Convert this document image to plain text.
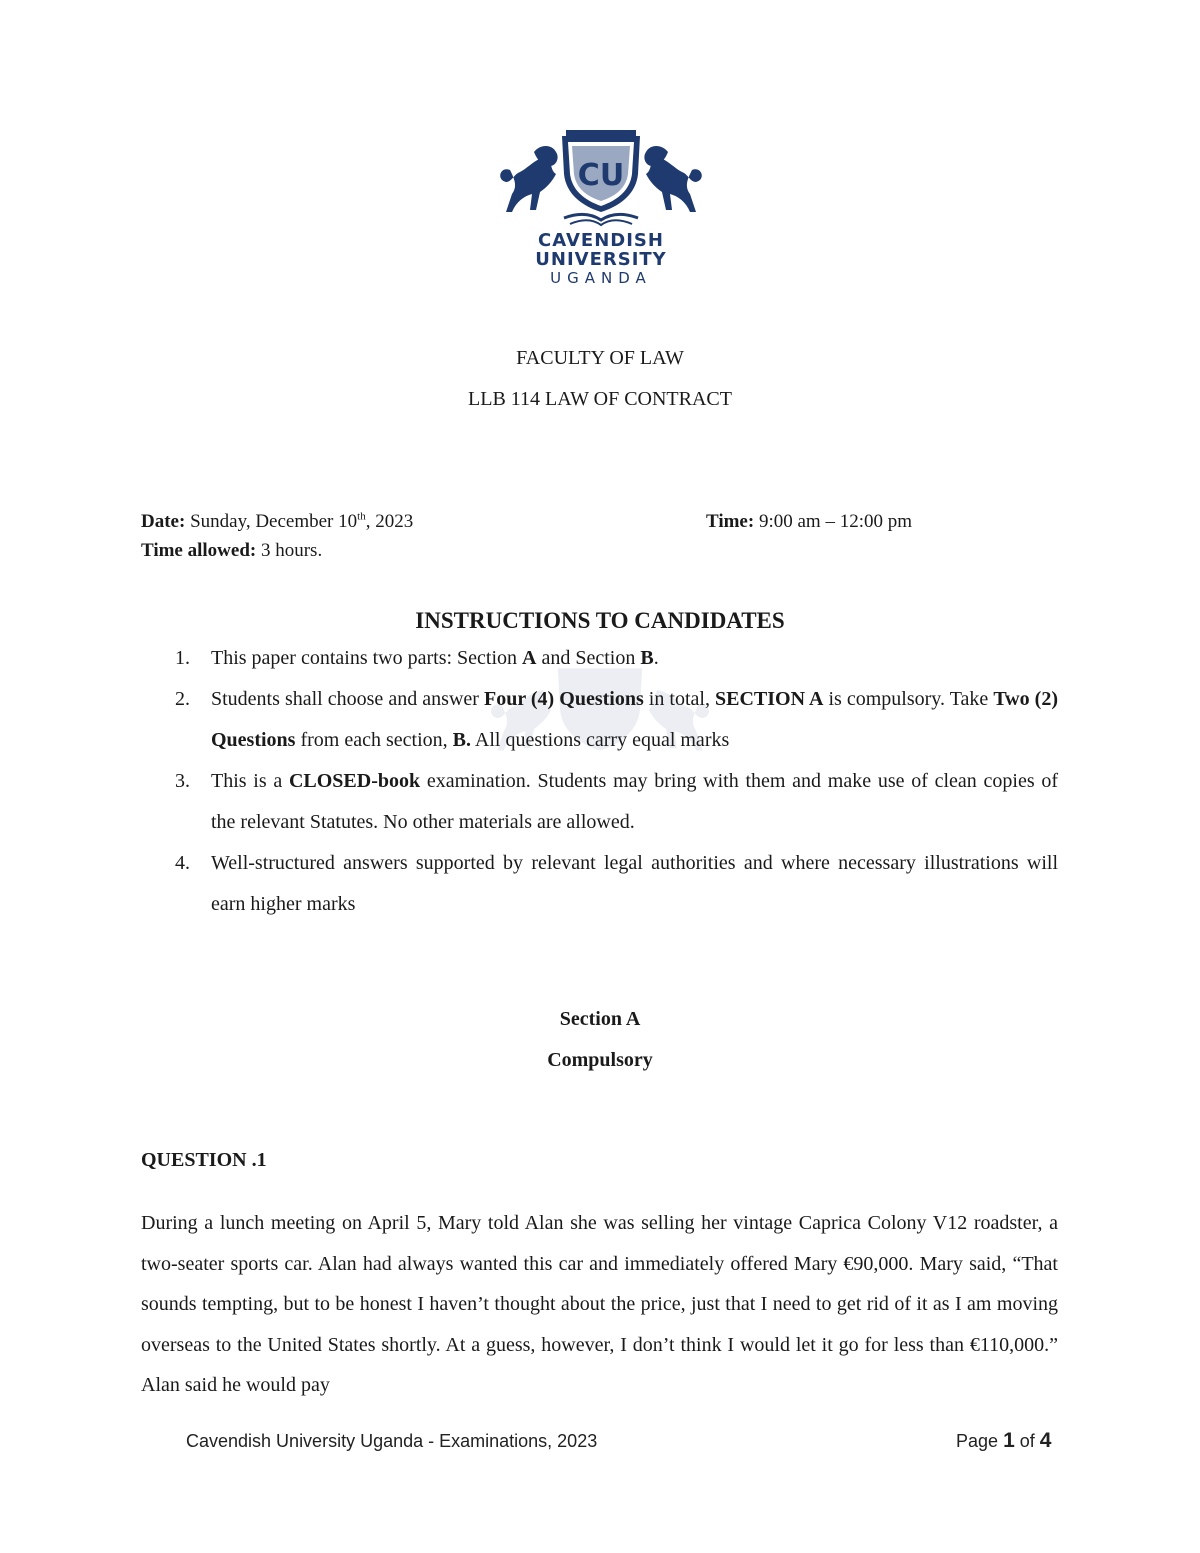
CU
CAVENDISH
UNIVERSITY
UGANDA
FACULTY OF LAW
LLB 114 LAW OF CONTRACT
Date: Sunday, December 10th, 2023	Time: 9:00 am – 12:00 pm
Time allowed: 3 hours.
INSTRUCTIONS TO CANDIDATES
1. This paper contains two parts: Section A and Section B.
2. Students shall choose and answer Four (4) Questions in total, SECTION A is compulsory. Take Two (2) Questions from each section, B. All questions carry equal marks
3. This is a CLOSED-book examination. Students may bring with them and make use of clean copies of the relevant Statutes. No other materials are allowed.
4. Well-structured answers supported by relevant legal authorities and where necessary illustrations will earn higher marks
Section A
Compulsory
QUESTION .1

During a lunch meeting on April 5, Mary told Alan she was selling her vintage Caprica Colony V12 roadster, a two-seater sports car. Alan had always wanted this car and immediately offered Mary €90,000. Mary said, “That sounds tempting, but to be honest I haven’t thought about the price, just that I need to get rid of it as I am moving overseas to the United States shortly. At a guess, however, I don’t think I would let it go for less than €110,000.” Alan said he would pay

Cavendish University Uganda - Examinations, 2023	Page 1 of 4
